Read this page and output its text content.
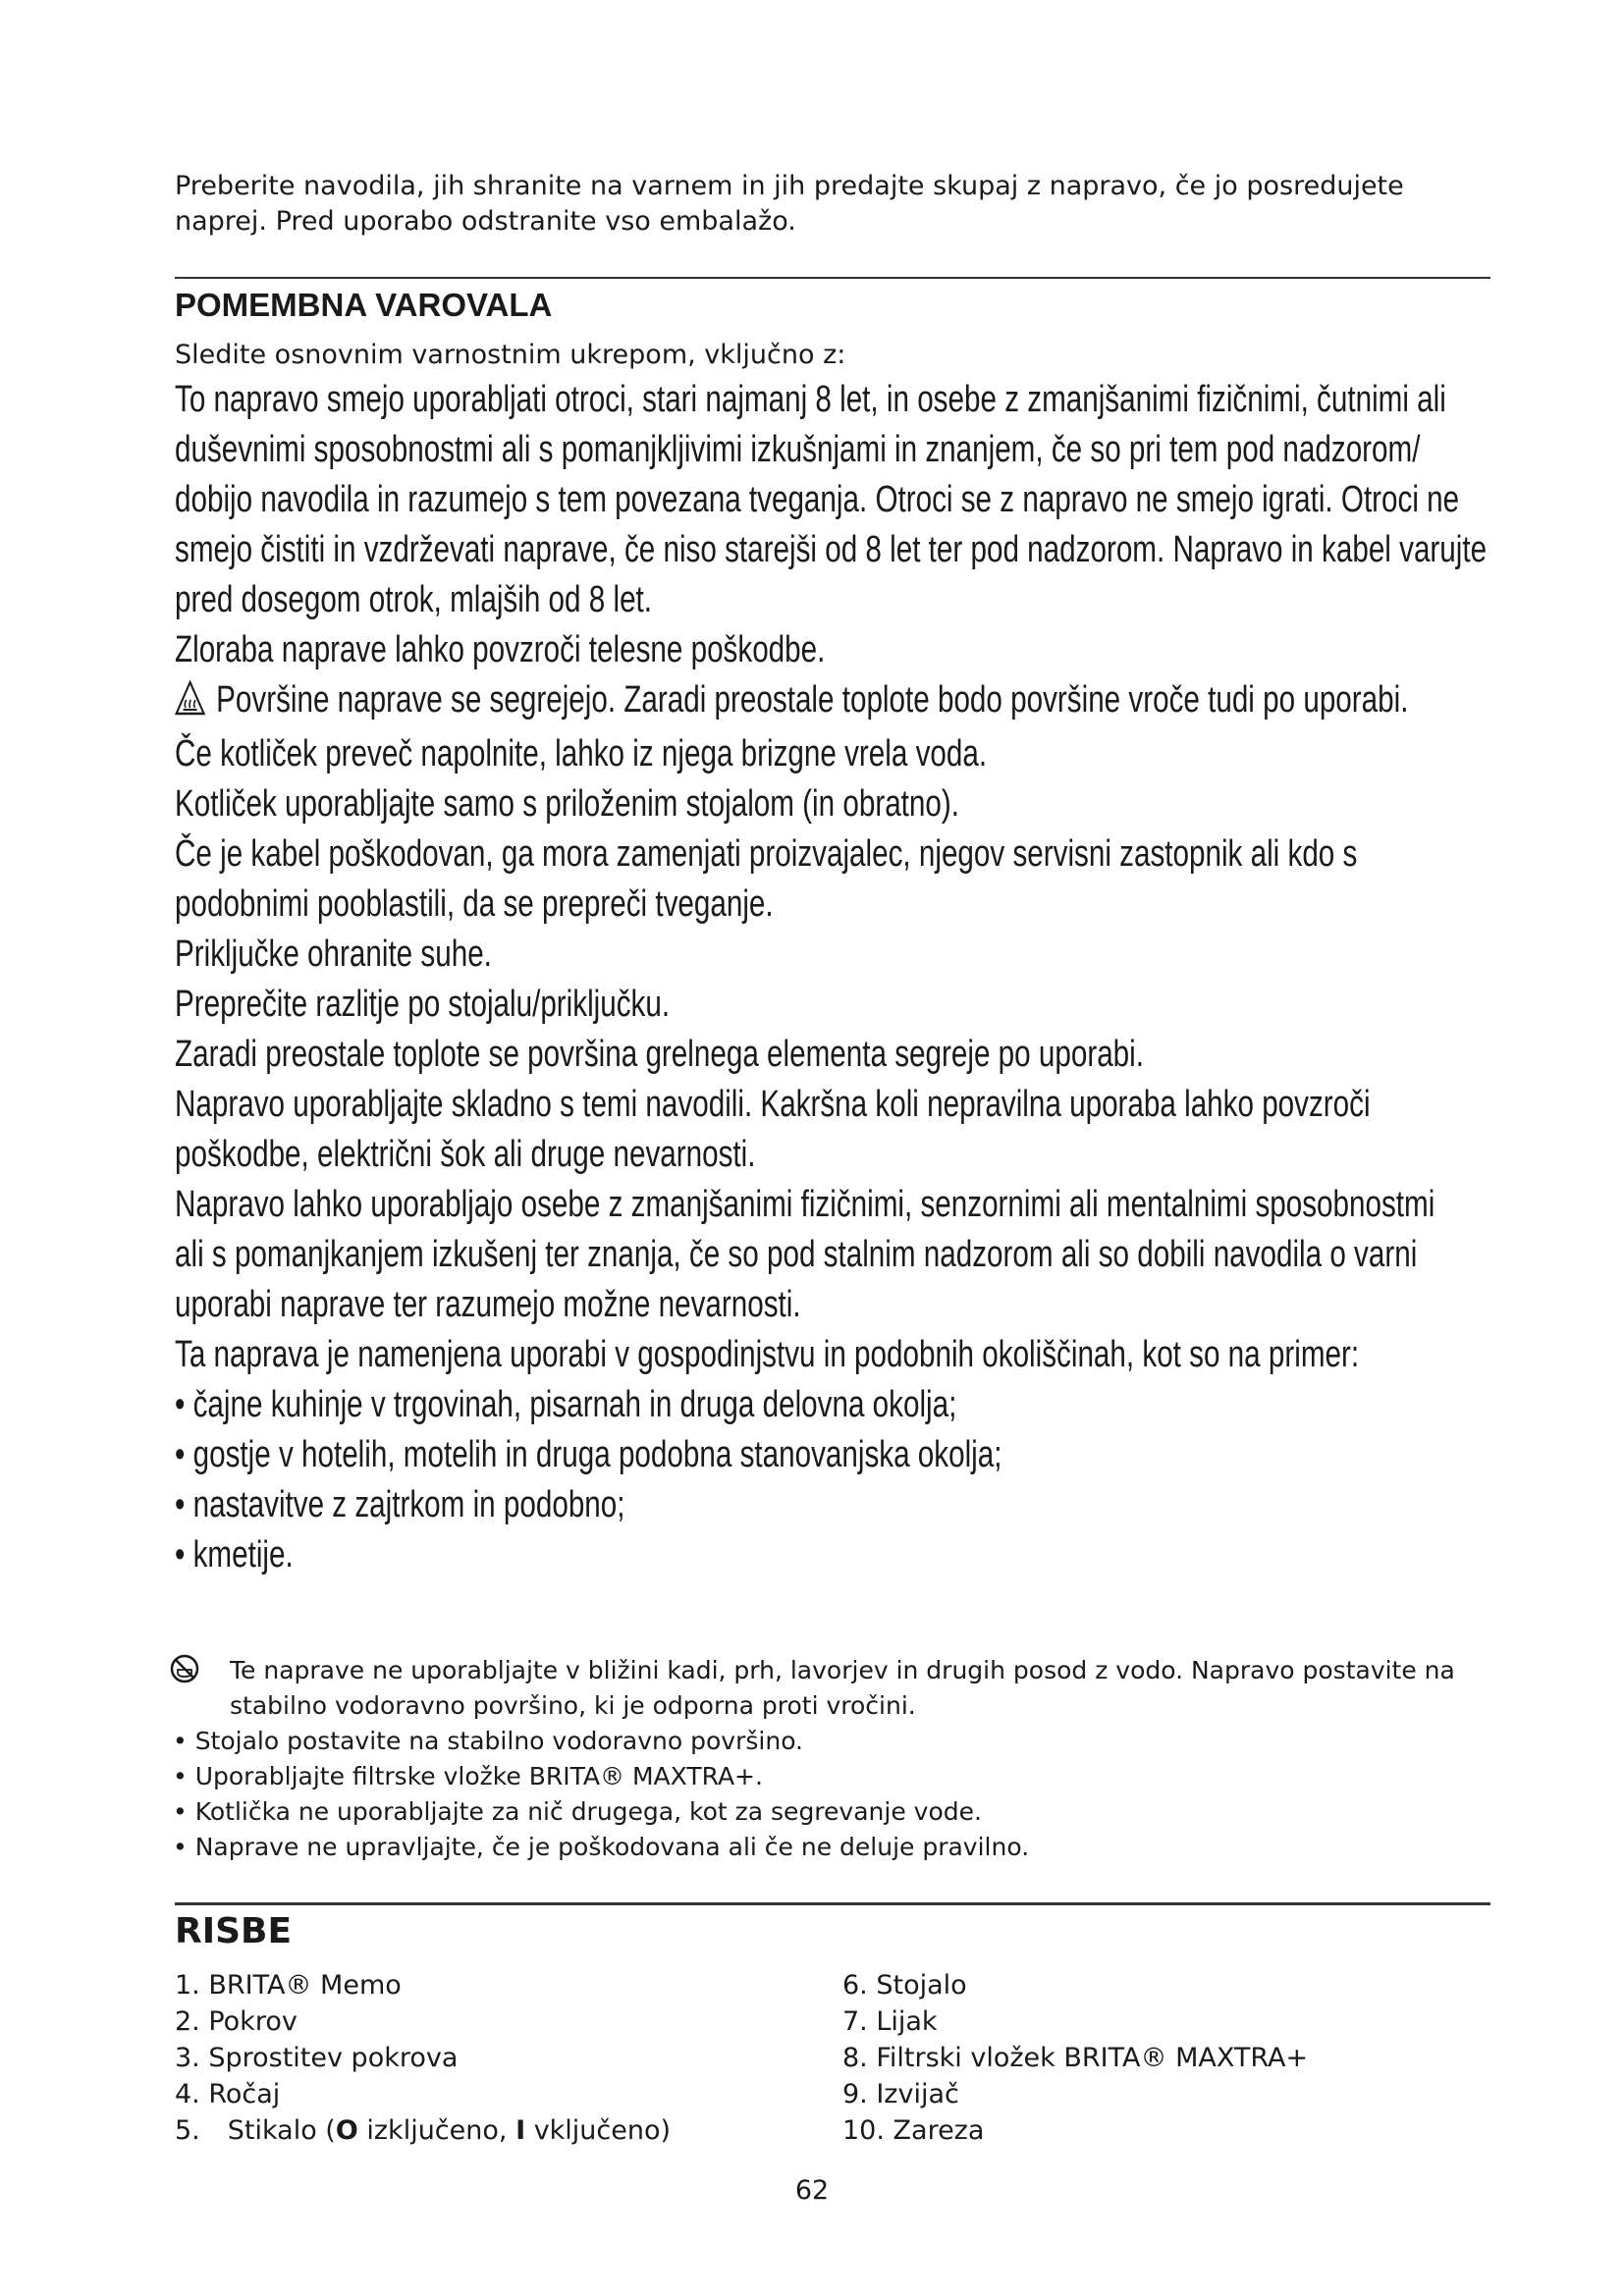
Preberite navodila, jih shranite na varnem in jih predajte skupaj z napravo, če jo posredujete naprej. Pred uporabo odstranite vso embalažo.
POMEMBNA VAROVALA
Sledite osnovnim varnostnim ukrepom, vključno z:

To napravo smejo uporabljati otroci, stari najmanj 8 let, in osebe z zmanjšanimi fizičnimi, čutnimi ali

duševnimi sposobnostmi ali s pomanjkljivimi izkušnjami in znanjem, če so pri tem pod nadzorom/

dobijo navodila in razumejo s tem povezana tveganja. Otroci se z napravo ne smejo igrati. Otroci ne

smejo čistiti in vzdrževati naprave, če niso starejši od 8 let ter pod nadzorom. Napravo in kabel varujte

pred dosegom otrok, mlajših od 8 let.

Zloraba naprave lahko povzroči telesne poškodbe.

Površine naprave se segrejejo. Zaradi preostale toplote bodo površine vroče tudi po uporabi.

Če kotliček preveč napolnite, lahko iz njega brizgne vrela voda.

Kotliček uporabljajte samo s priloženim stojalom (in obratno).

Če je kabel poškodovan, ga mora zamenjati proizvajalec, njegov servisni zastopnik ali kdo s

podobnimi pooblastili, da se prepreči tveganje.

Priključke ohranite suhe.

Preprečite razlitje po stojalu/priključku.

Zaradi preostale toplote se površina grelnega elementa segreje po uporabi.

Napravo uporabljajte skladno s temi navodili. Kakršna koli nepravilna uporaba lahko povzroči

poškodbe, električni šok ali druge nevarnosti.

Napravo lahko uporabljajo osebe z zmanjšanimi fizičnimi, senzornimi ali mentalnimi sposobnostmi

ali s pomanjkanjem izkušenj ter znanja, če so pod stalnim nadzorom ali so dobili navodila o varni

uporabi naprave ter razumejo možne nevarnosti.

Ta naprava je namenjena uporabi v gospodinjstvu in podobnih okoliščinah, kot so na primer:

• čajne kuhinje v trgovinah, pisarnah in druga delovna okolja;

• gostje v hotelih, motelih in druga podobna stanovanjska okolja;

• nastavitve z zajtrkom in podobno;

• kmetije.

Te naprave ne uporabljajte v bližini kadi, prh, lavorjev in drugih posod z vodo. Napravo postavite na

stabilno vodoravno površino, ki je odporna proti vročini.

• Stojalo postavite na stabilno vodoravno površino.

• Uporabljajte filtrske vložke BRITA® MAXTRA+.

• Kotlička ne uporabljajte za nič drugega, kot za segrevanje vode.

• Naprave ne upravljajte, če je poškodovana ali če ne deluje pravilno.

RISBE
1. BRITA® Memo
2. Pokrov
3. Sprostitev pokrova
4. Ročaj
5. Stikalo (O izključeno, I vključeno)
6. Stojalo
7. Lijak
8. Filtrski vložek BRITA® MAXTRA+
9. Izvijač
10. Zareza
62
